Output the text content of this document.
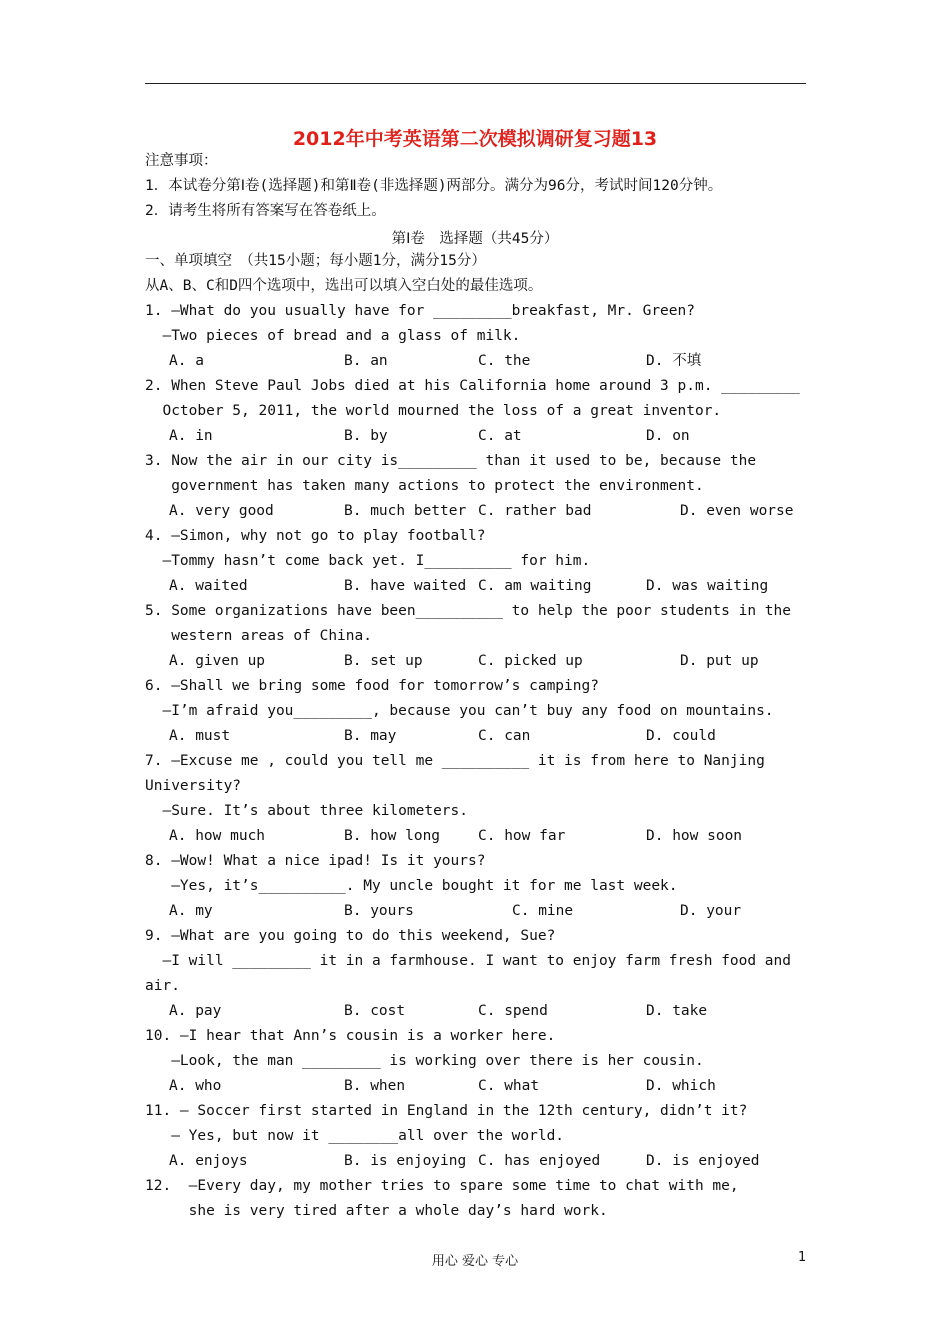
2012年中考英语第二次模拟调研复习题13
注意事项：
1．本试卷分第Ⅰ卷(选择题)和第Ⅱ卷(非选择题)两部分。满分为96分，考试时间120分钟。
2．请考生将所有答案写在答卷纸上。
第Ⅰ卷　选择题（共45分）
一、单项填空　（共15小题；每小题1分，满分15分）
从A、B、C和D四个选项中，选出可以填入空白处的最佳选项。
1. —What do you usually have for _________breakfast, Mr. Green?
—Two pieces of bread and a glass of milk.
A. a	B. an	C. the	D. 不填
2. When Steve Paul Jobs died at his California home around 3 p.m. _________
October 5, 2011, the world mourned the loss of a great inventor.
A. in	B. by	C. at	D. on
3. Now the air in our city is_________ than it used to be, because the
government has taken many actions to protect the environment.
A. very good	B. much better C. rather bad	D. even worse
4. —Simon, why not go to play football?
—Tommy hasn’t come back yet. I__________ for him.
A. waited	B. have waited C. am waiting	D. was waiting
5. Some organizations have been__________ to help the poor students in the
western areas of China.
A. given up	B. set up	C. picked up	D. put up
6. —Shall we bring some food for tomorrow’s camping?
—I’m afraid you_________, because you can’t buy any food on mountains.
A. must	B. may	C. can	D. could
7. —Excuse me , could you tell me __________ it is from here to Nanjing
University?
—Sure. It’s about three kilometers.
A. how much	B. how long	C. how far	D. how soon
8. —Wow! What a nice ipad! Is it yours?
—Yes, it’s__________. My uncle bought it for me last week.
A. my	B. yours	C. mine	D. your
9. —What are you going to do this weekend, Sue?
—I will _________ it in a farmhouse. I want to enjoy farm fresh food and
air.
A. pay	B. cost	C. spend	D. take
10. —I hear that Ann’s cousin is a worker here.
—Look, the man _________ is working over there is her cousin.
A. who	B. when	C. what	D. which
11. — Soccer first started in England in the 12th century, didn’t it?
— Yes, but now it ________all over the world.
A. enjoys	B. is enjoying C. has enjoyed	D. is enjoyed
12.  —Every day, my mother tries to spare some time to chat with me,
she is very tired after a whole day’s hard work.
用心 爱心 专心	1
